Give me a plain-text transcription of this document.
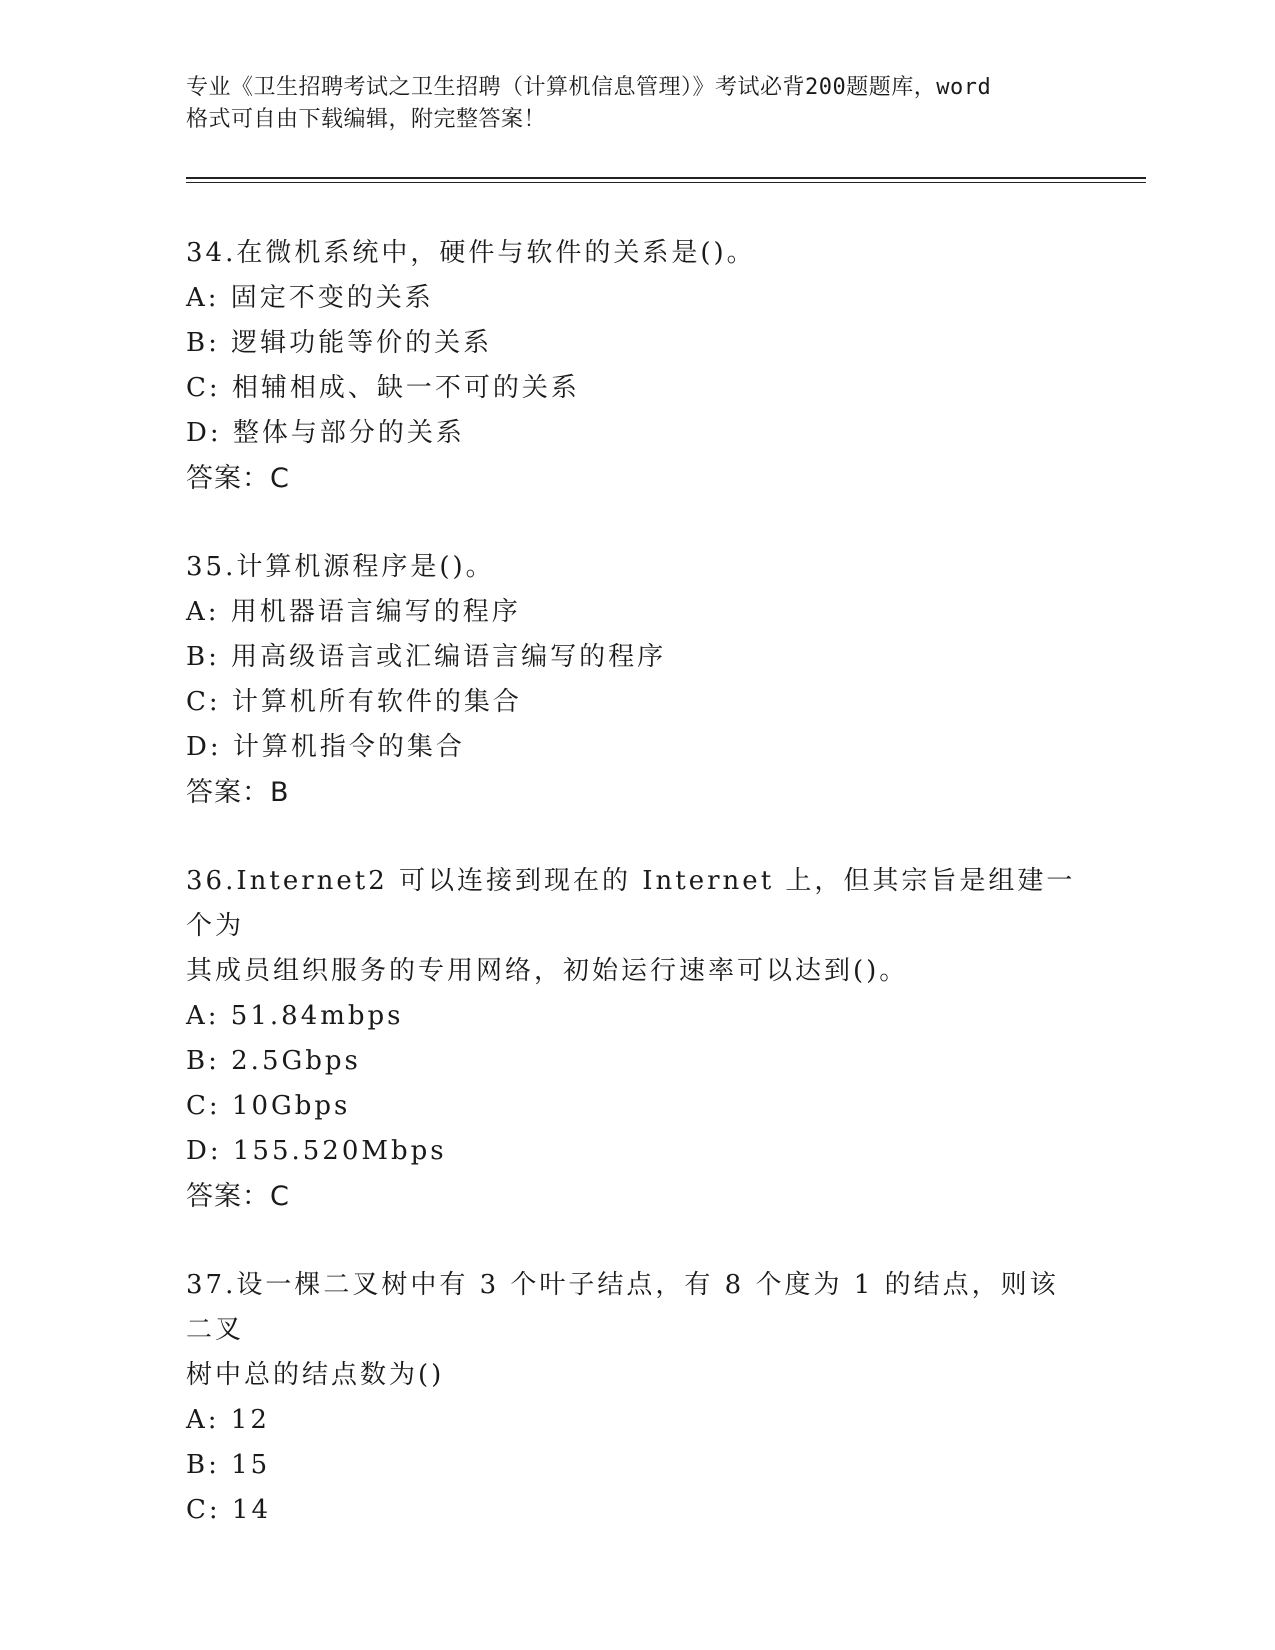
专业《卫生招聘考试之卫生招聘（计算机信息管理）》考试必背200题题库，word
格式可自由下载编辑，附完整答案！

34.在微机系统中，硬件与软件的关系是()。

A: 固定不变的关系

B: 逻辑功能等价的关系

C: 相辅相成、缺一不可的关系

D: 整体与部分的关系

答案：C

35.计算机源程序是()。

A: 用机器语言编写的程序

B: 用高级语言或汇编语言编写的程序

C: 计算机所有软件的集合

D: 计算机指令的集合

答案：B

36.Internet2 可以连接到现在的 Internet 上，但其宗旨是组建一个为

其成员组织服务的专用网络，初始运行速率可以达到()。

A: 51.84mbps

B: 2.5Gbps

C: 10Gbps

D: 155.520Mbps

答案：C

37.设一棵二叉树中有 3 个叶子结点，有 8 个度为 1 的结点，则该二叉

树中总的结点数为()

A: 12

B: 15

C: 14
